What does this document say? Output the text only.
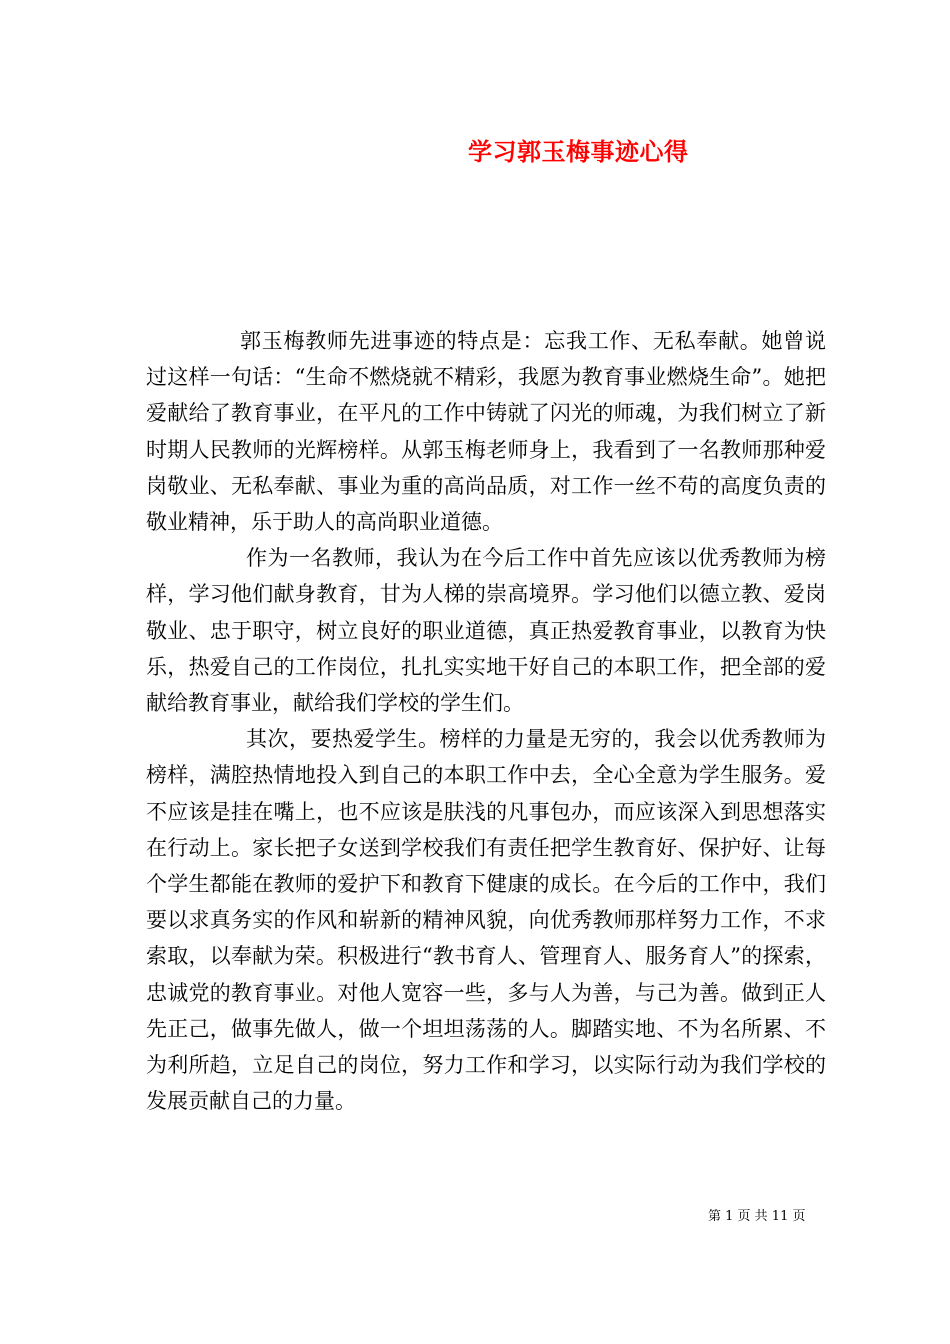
学习郭玉梅事迹心得

郭玉梅教师先进事迹的特点是：忘我工作、无私奉献。她曾说过这样一句话：“生命不燃烧就不精彩，我愿为教育事业燃烧生命”。她把爱献给了教育事业，在平凡的工作中铸就了闪光的师魂，为我们树立了新时期人民教师的光辉榜样。从郭玉梅老师身上，我看到了一名教师那种爱岗敬业、无私奉献、事业为重的高尚品质，对工作一丝不苟的高度负责的敬业精神，乐于助人的高尚职业道德。

作为一名教师，我认为在今后工作中首先应该以优秀教师为榜样，学习他们献身教育，甘为人梯的崇高境界。学习他们以德立教、爱岗敬业、忠于职守，树立良好的职业道德，真正热爱教育事业，以教育为快乐，热爱自己的工作岗位，扎扎实实地干好自己的本职工作，把全部的爱献给教育事业，献给我们学校的学生们。

其次，要热爱学生。榜样的力量是无穷的，我会以优秀教师为榜样，满腔热情地投入到自己的本职工作中去，全心全意为学生服务。爱不应该是挂在嘴上，也不应该是肤浅的凡事包办，而应该深入到思想落实在行动上。家长把子女送到学校我们有责任把学生教育好、保护好、让每个学生都能在教师的爱护下和教育下健康的成长。在今后的工作中，我们要以求真务实的作风和崭新的精神风貌，向优秀教师那样努力工作，不求索取，以奉献为荣。积极进行“教书育人、管理育人、服务育人”的探索，忠诚党的教育事业。对他人宽容一些，多与人为善，与己为善。做到正人先正己，做事先做人，做一个坦坦荡荡的人。脚踏实地、不为名所累、不为利所趋，立足自己的岗位，努力工作和学习，以实际行动为我们学校的发展贡献自己的力量。

第 1 页 共 11 页
